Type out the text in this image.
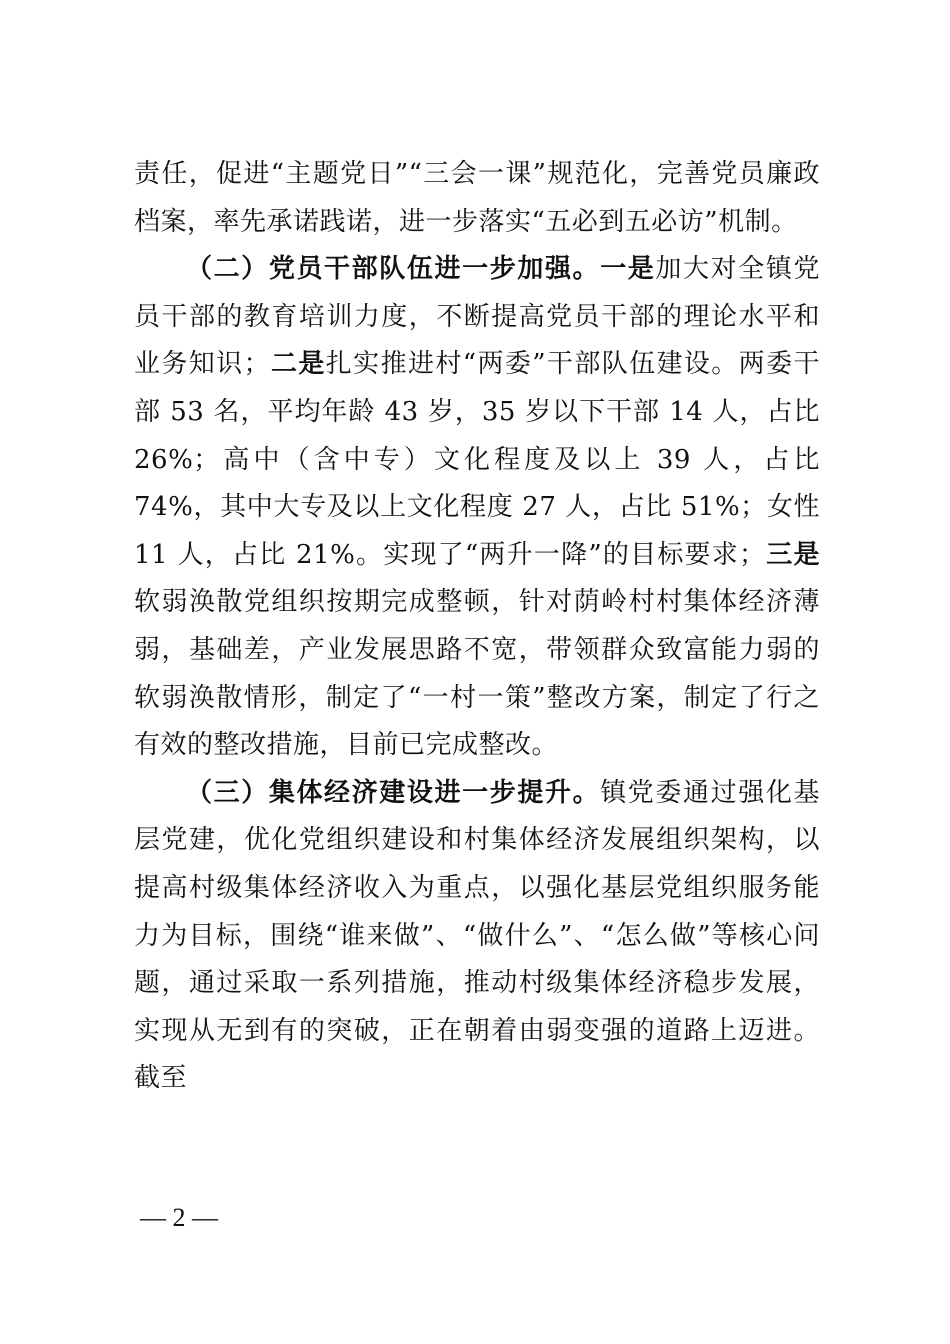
责任，促进“主题党日”“三会一课”规范化，完善党员廉政档案，率先承诺践诺，进一步落实“五必到五必访”机制。

（二）党员干部队伍进一步加强。一是加大对全镇党员干部的教育培训力度，不断提高党员干部的理论水平和业务知识；二是扎实推进村“两委”干部队伍建设。两委干部 53 名，平均年龄 43 岁，35 岁以下干部 14 人，占比 26%；高中（含中专）文化程度及以上 39 人，占比 74%，其中大专及以上文化程度 27 人，占比 51%；女性 11 人，占比 21%。实现了“两升一降”的目标要求；三是软弱涣散党组织按期完成整顿，针对荫岭村村集体经济薄弱，基础差，产业发展思路不宽，带领群众致富能力弱的软弱涣散情形，制定了“一村一策”整改方案，制定了行之有效的整改措施，目前已完成整改。

（三）集体经济建设进一步提升。镇党委通过强化基层党建，优化党组织建设和村集体经济发展组织架构，以提高村级集体经济收入为重点，以强化基层党组织服务能力为目标，围绕“谁来做”、“做什么”、“怎么做”等核心问题，通过采取一系列措施，推动村级集体经济稳步发展，实现从无到有的突破，正在朝着由弱变强的道路上迈进。截至

— 2 —
